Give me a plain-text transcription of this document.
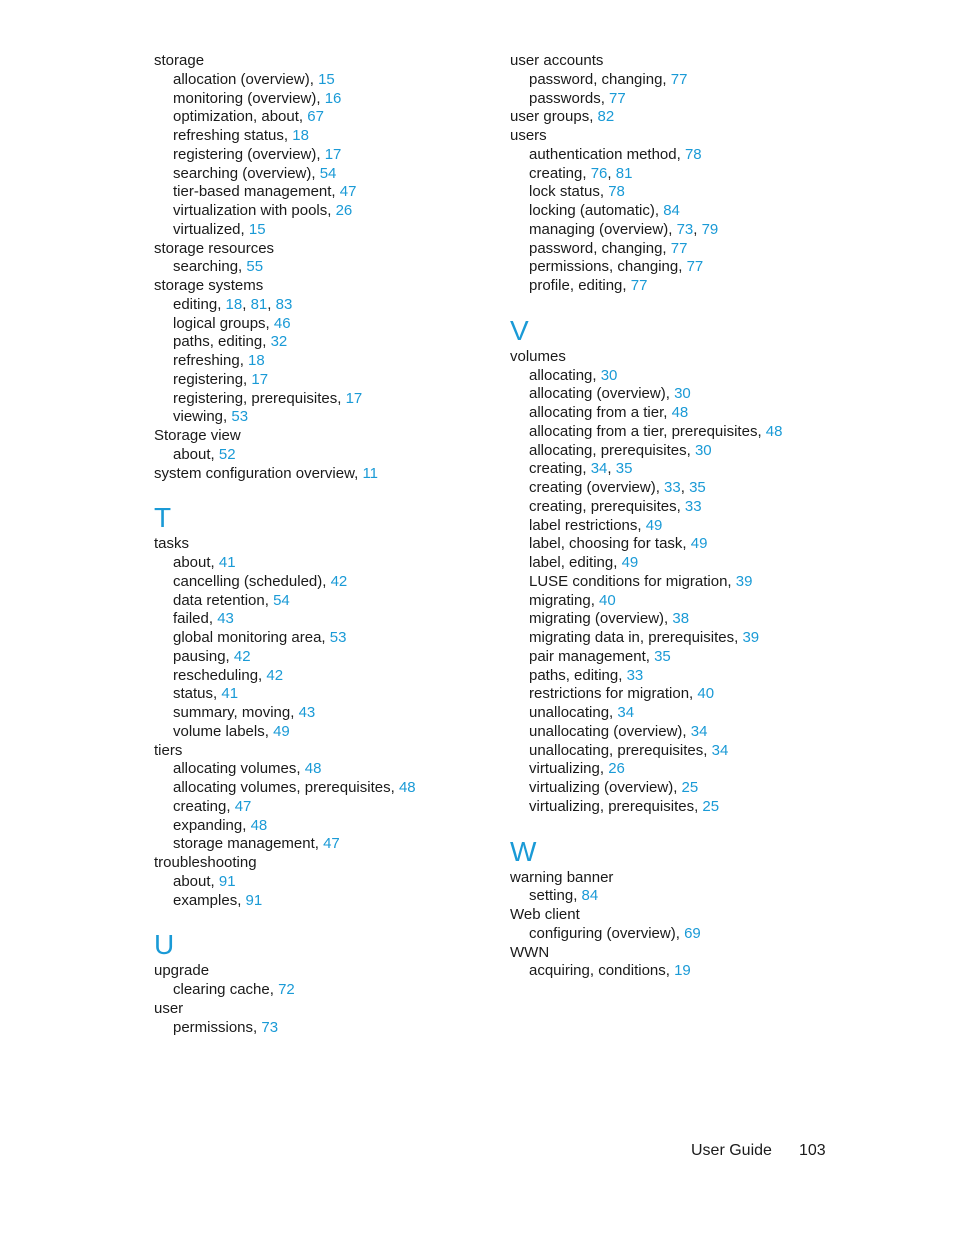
storage
allocation (overview), 15
monitoring (overview), 16
optimization, about, 67
refreshing status, 18
registering (overview), 17
searching (overview), 54
tier-based management, 47
virtualization with pools, 26
virtualized, 15
storage resources
searching, 55
storage systems
editing, 18, 81, 83
logical groups, 46
paths, editing, 32
refreshing, 18
registering, 17
registering, prerequisites, 17
viewing, 53
Storage view
about, 52
system configuration overview, 11
T
tasks
about, 41
cancelling (scheduled), 42
data retention, 54
failed, 43
global monitoring area, 53
pausing, 42
rescheduling, 42
status, 41
summary, moving, 43
volume labels, 49
tiers
allocating volumes, 48
allocating volumes, prerequisites, 48
creating, 47
expanding, 48
storage management, 47
troubleshooting
about, 91
examples, 91
U
upgrade
clearing cache, 72
user
permissions, 73
user accounts
password, changing, 77
passwords, 77
user groups, 82
users
authentication method, 78
creating, 76, 81
lock status, 78
locking (automatic), 84
managing (overview), 73, 79
password, changing, 77
permissions, changing, 77
profile, editing, 77
V
volumes
allocating, 30
allocating (overview), 30
allocating from a tier, 48
allocating from a tier, prerequisites, 48
allocating, prerequisites, 30
creating, 34, 35
creating (overview), 33, 35
creating, prerequisites, 33
label restrictions, 49
label, choosing for task, 49
label, editing, 49
LUSE conditions for migration, 39
migrating, 40
migrating (overview), 38
migrating data in, prerequisites, 39
pair management, 35
paths, editing, 33
restrictions for migration, 40
unallocating, 34
unallocating (overview), 34
unallocating, prerequisites, 34
virtualizing, 26
virtualizing (overview), 25
virtualizing, prerequisites, 25
W
warning banner
setting, 84
Web client
configuring (overview), 69
WWN
acquiring, conditions, 19
User Guide 103
